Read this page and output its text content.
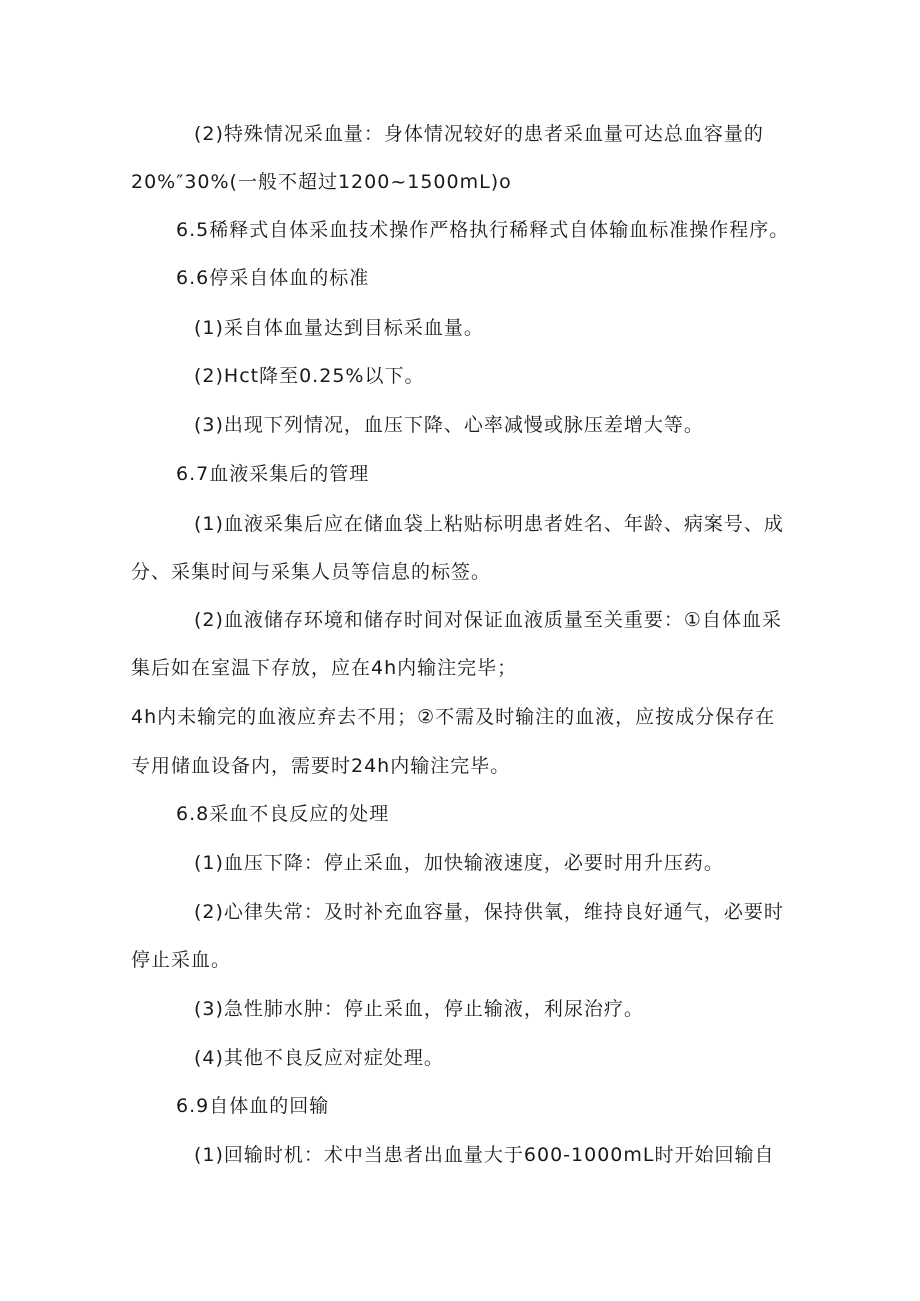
(2)特殊情况采血量：身体情况较好的患者采血量可达总血容量的

20%″30%(一般不超过1200~1500mL)o

6.5稀释式自体采血技术操作严格执行稀释式自体输血标准操作程序。

6.6停采自体血的标准

(1)采自体血量达到目标采血量。

(2)Hct降至0.25%以下。

(3)出现下列情况，血压下降、心率减慢或脉压差增大等。

6.7血液采集后的管理

(1)血液采集后应在储血袋上粘贴标明患者姓名、年龄、病案号、成

分、采集时间与采集人员等信息的标签。

(2)血液储存环境和储存时间对保证血液质量至关重要：①自体血采

集后如在室温下存放，应在4h内输注完毕；

4h内未输完的血液应弃去不用；②不需及时输注的血液，应按成分保存在

专用储血设备内，需要时24h内输注完毕。

6.8采血不良反应的处理

(1)血压下降：停止采血，加快输液速度，必要时用升压药。

(2)心律失常：及时补充血容量，保持供氧，维持良好通气，必要时

停止采血。

(3)急性肺水肿：停止采血，停止输液，利尿治疗。

(4)其他不良反应对症处理。

6.9自体血的回输

(1)回输时机：术中当患者出血量大于600-1000mL时开始回输自
